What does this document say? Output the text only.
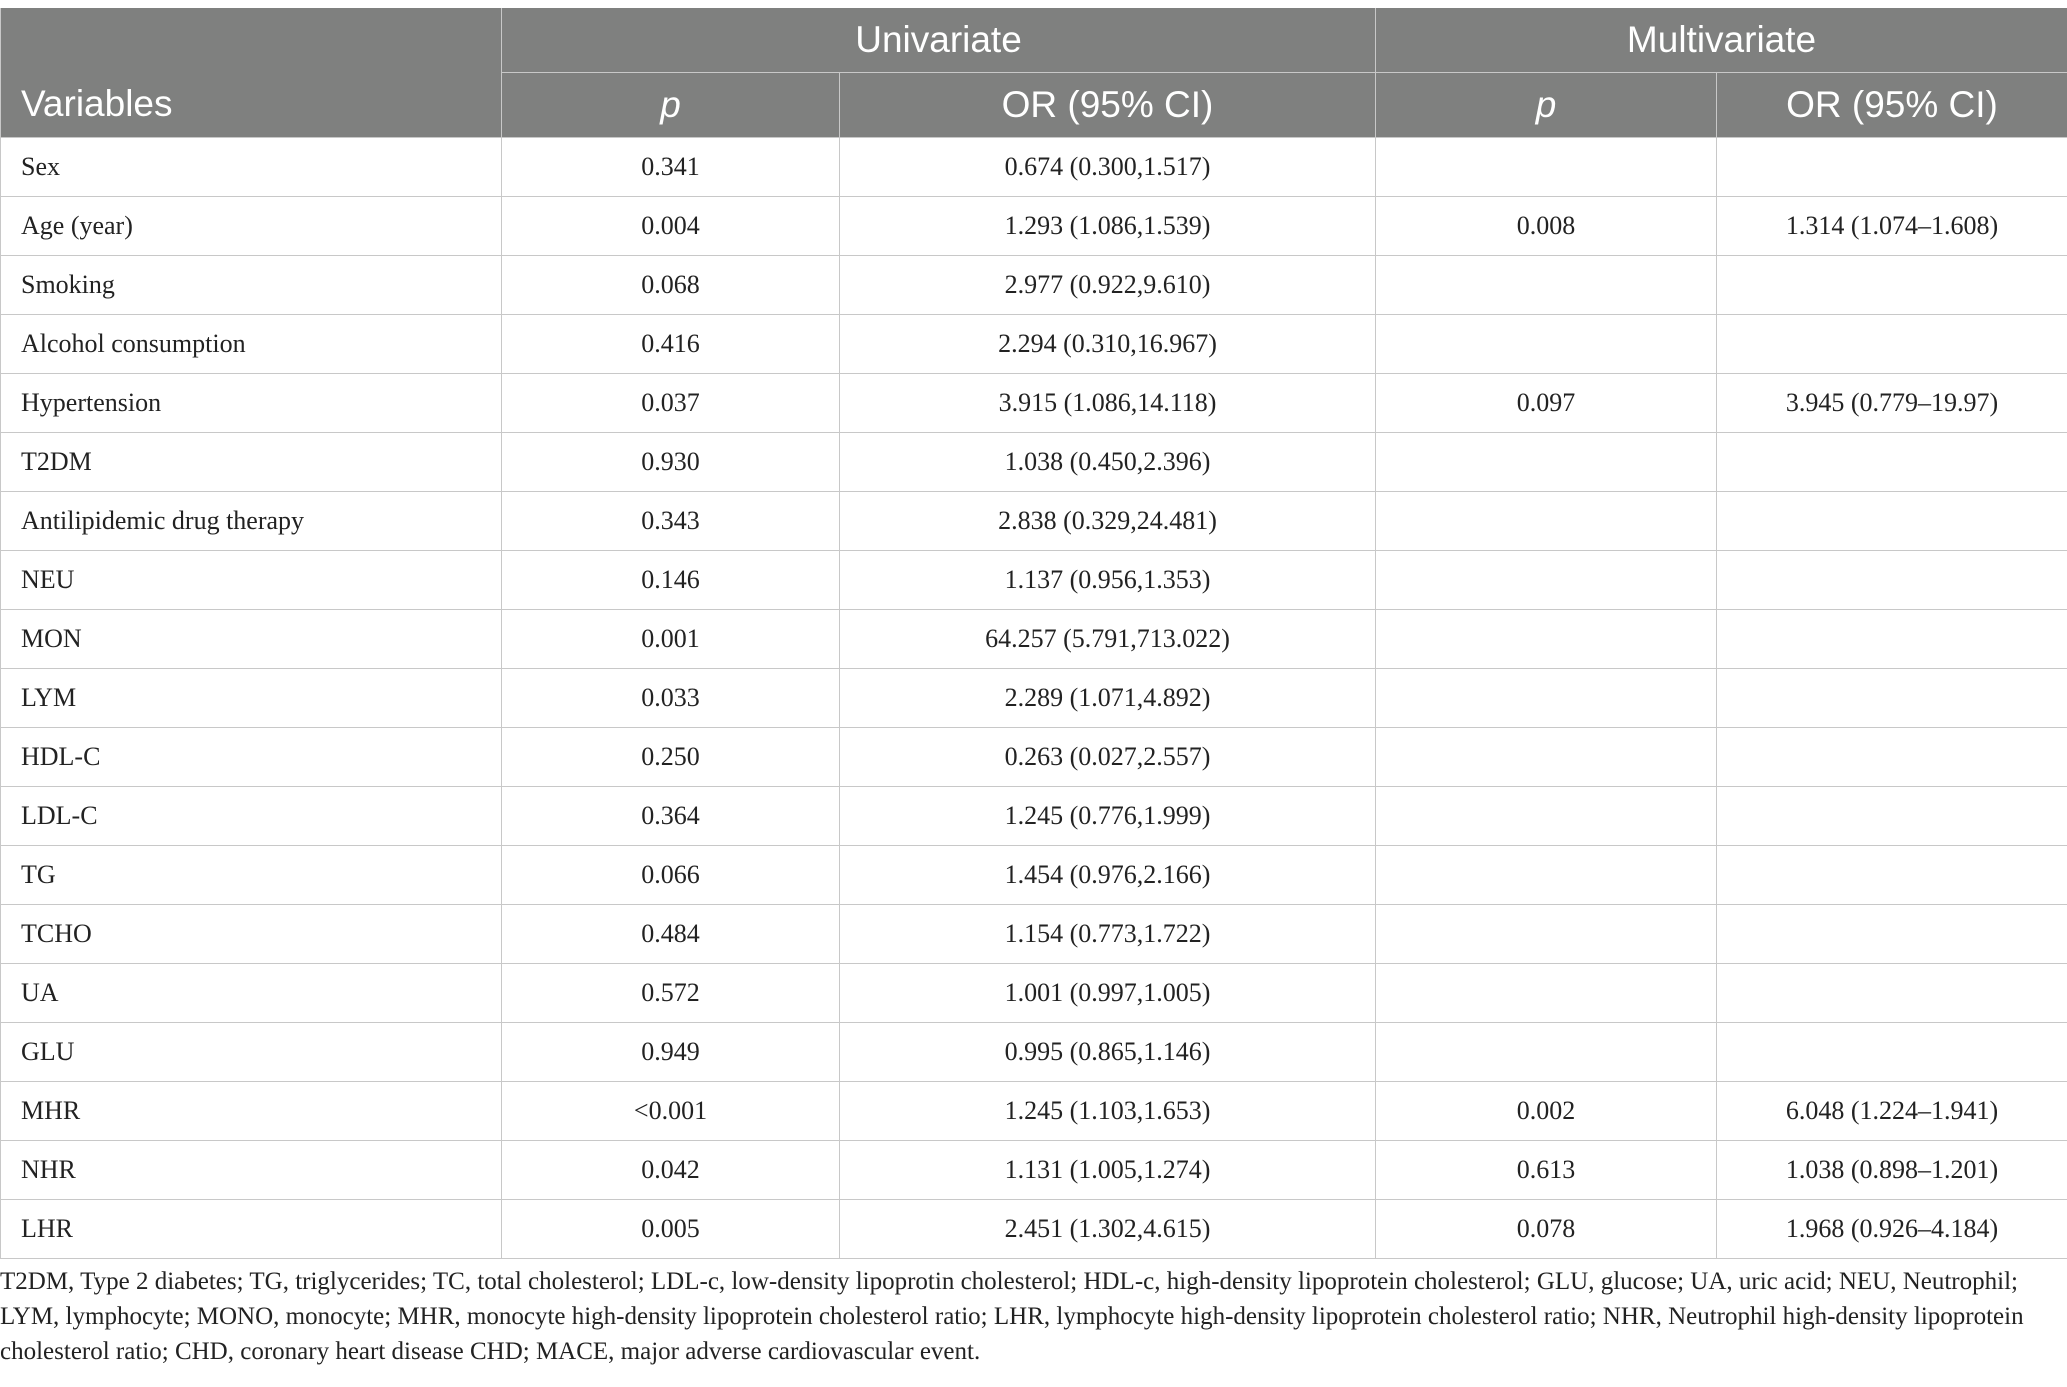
Variables	Univariate		Multivariate	
	p	OR (95% CI)	p	OR (95% CI)
Sex	0.341	0.674 (0.300,1.517)		
Age (year)	0.004	1.293 (1.086,1.539)	0.008	1.314 (1.074–1.608)
Smoking	0.068	2.977 (0.922,9.610)		
Alcohol consumption	0.416	2.294 (0.310,16.967)		
Hypertension	0.037	3.915 (1.086,14.118)	0.097	3.945 (0.779–19.97)
T2DM	0.930	1.038 (0.450,2.396)		
Antilipidemic drug therapy	0.343	2.838 (0.329,24.481)		
NEU	0.146	1.137 (0.956,1.353)		
MON	0.001	64.257 (5.791,713.022)		
LYM	0.033	2.289 (1.071,4.892)		
HDL-C	0.250	0.263 (0.027,2.557)		
LDL-C	0.364	1.245 (0.776,1.999)		
TG	0.066	1.454 (0.976,2.166)		
TCHO	0.484	1.154 (0.773,1.722)		
UA	0.572	1.001 (0.997,1.005)		
GLU	0.949	0.995 (0.865,1.146)		
MHR	<0.001	1.245 (1.103,1.653)	0.002	6.048 (1.224–1.941)
NHR	0.042	1.131 (1.005,1.274)	0.613	1.038 (0.898–1.201)
LHR	0.005	2.451 (1.302,4.615)	0.078	1.968 (0.926–4.184)

T2DM, Type 2 diabetes; TG, triglycerides; TC, total cholesterol; LDL-c, low-density lipoprotin cholesterol; HDL-c, high-density lipoprotein cholesterol; GLU, glucose; UA, uric acid; NEU, Neutrophil; LYM, lymphocyte; MONO, monocyte; MHR, monocyte high-density lipoprotein cholesterol ratio; LHR, lymphocyte high-density lipoprotein cholesterol ratio; NHR, Neutrophil high-density lipoprotein cholesterol ratio; CHD, coronary heart disease CHD; MACE, major adverse cardiovascular event.
